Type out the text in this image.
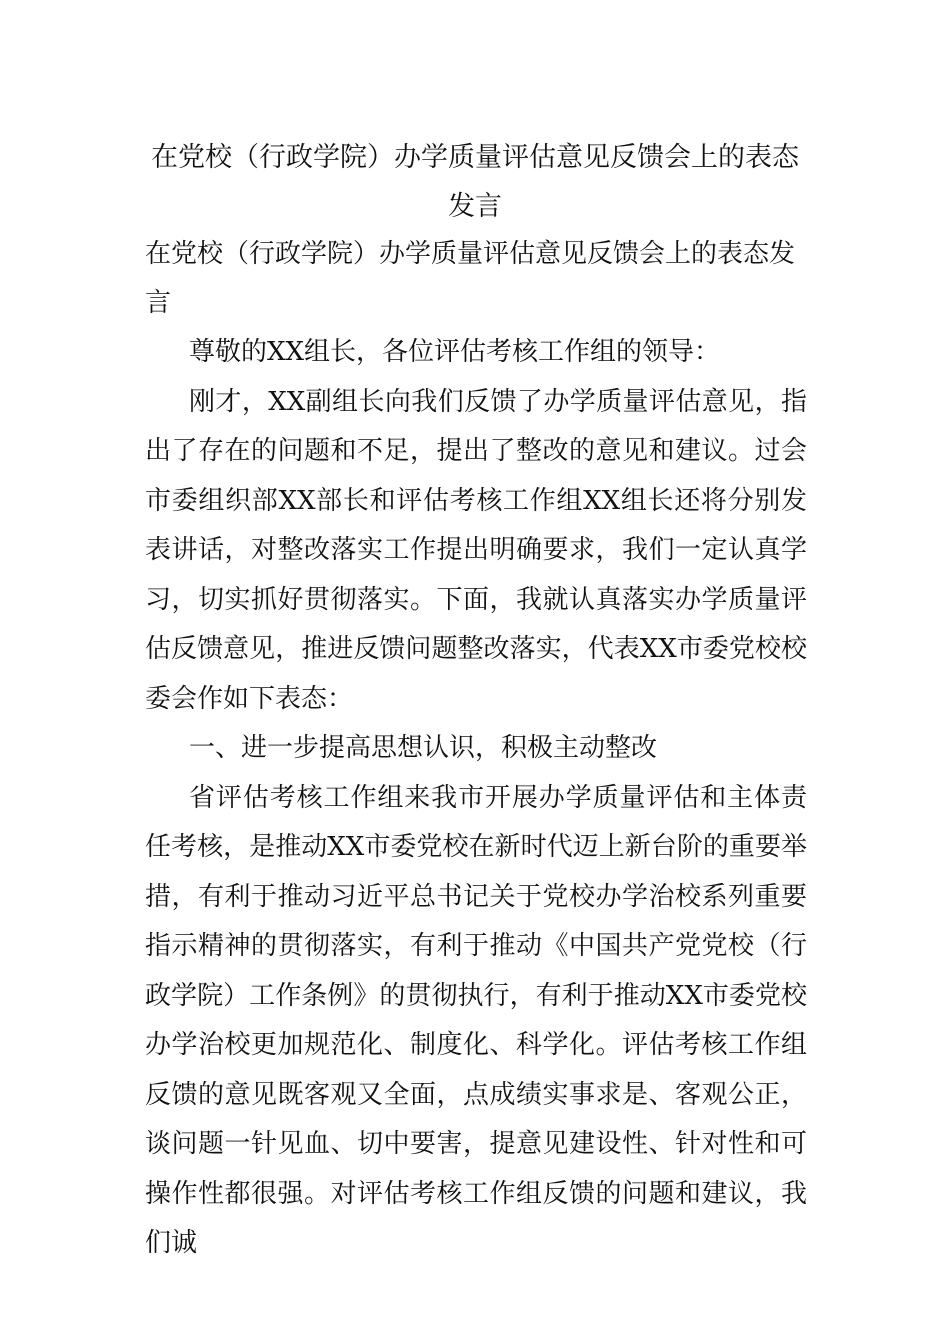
在党校（行政学院）办学质量评估意见反馈会上的表态发言

在党校（行政学院）办学质量评估意见反馈会上的表态发言

尊敬的XX组长，各位评估考核工作组的领导：

刚才，XX副组长向我们反馈了办学质量评估意见，指出了存在的问题和不足，提出了整改的意见和建议。过会市委组织部XX部长和评估考核工作组XX组长还将分别发表讲话，对整改落实工作提出明确要求，我们一定认真学习，切实抓好贯彻落实。下面，我就认真落实办学质量评估反馈意见，推进反馈问题整改落实，代表XX市委党校校委会作如下表态：

一、进一步提高思想认识，积极主动整改

省评估考核工作组来我市开展办学质量评估和主体责任考核，是推动XX市委党校在新时代迈上新台阶的重要举措，有利于推动习近平总书记关于党校办学治校系列重要指示精神的贯彻落实，有利于推动《中国共产党党校（行政学院）工作条例》的贯彻执行，有利于推动XX市委党校办学治校更加规范化、制度化、科学化。评估考核工作组反馈的意见既客观又全面，点成绩实事求是、客观公正，谈问题一针见血、切中要害，提意见建设性、针对性和可操作性都很强。对评估考核工作组反馈的问题和建议，我们诚
